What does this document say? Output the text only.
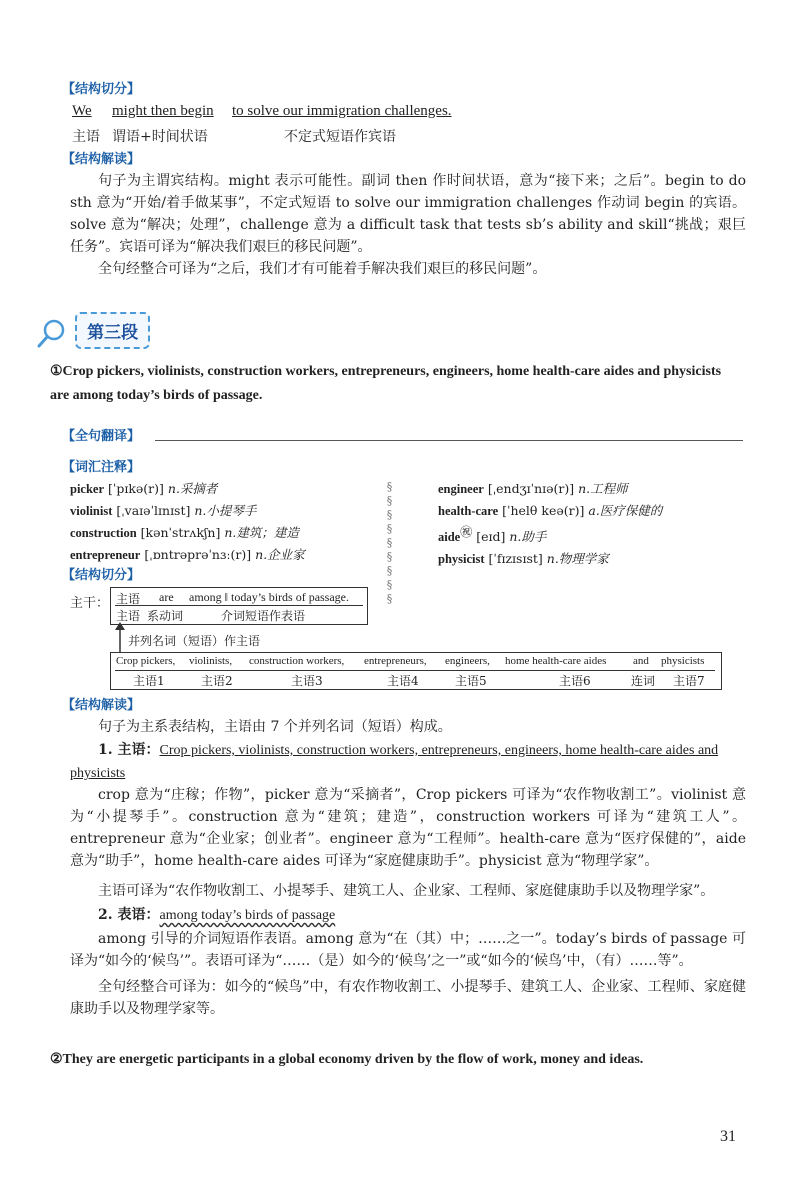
【结构切分】
We might then begin to solve our immigration challenges.
主语 谓语+时间状语	不定式短语作宾语
【结构解读】
句子为主谓宾结构。might 表示可能性。副词 then 作时间状语，意为“接下来；之后”。begin to do sth 意为“开始/着手做某事”，不定式短语 to solve our immigration challenges 作动词 begin 的宾语。solve 意为“解决；处理”，challenge 意为 a difficult task that tests sb’s ability and skill“挑战；艰巨任务”。宾语可译为“解决我们艰巨的移民问题”。
全句经整合可译为“之后，我们才有可能着手解决我们艰巨的移民问题”。
第三段
①Crop pickers, violinists, construction workers, entrepreneurs, engineers, home health-care aides and physicists are among today’s birds of passage.
【全句翻译】
【词汇注释】
picker [ˈpɪkə(r)] n.采摘者
violinist [ˌvaɪəˈlɪnɪst] n.小提琴手
construction [kənˈstrʌkʃn] n.建筑；建造
entrepreneur [ˌɒntrəprəˈnɜː(r)] n.企业家	§§§§§§§§§	engineer [ˌendʒɪˈnɪə(r)] n.工程师
health-care [ˈhelθ keə(r)] a.医疗保健的
aide㊗ [eɪd] n.助手
physicist [ˈfɪzɪsɪst] n.物理学家
【结构切分】
主干： 主语 are among ‖ today’s birds of passage.
主语 系动词	介词短语作表语
并列名词（短语）作主语
Crop pickers, violinists, construction workers, entrepreneurs, engineers, home health-care aides and physicists
主语1	主语2	主语3	主语4	主语5	主语6	连词 主语7
【结构解读】
句子为主系表结构，主语由 7 个并列名词（短语）构成。
1. 主语：Crop pickers, violinists, construction workers, entrepreneurs, engineers, home health-care aides and physicists
crop 意为“庄稼；作物”，picker 意为“采摘者”，Crop pickers 可译为“农作物收割工”。violinist 意为“小提琴手”。construction 意为“建筑；建造”，construction workers 可译为“建筑工人”。entrepreneur 意为“企业家；创业者”。engineer 意为“工程师”。health-care 意为“医疗保健的”，aide 意为“助手”，home health-care aides 可译为“家庭健康助手”。physicist 意为“物理学家”。
主语可译为“农作物收割工、小提琴手、建筑工人、企业家、工程师、家庭健康助手以及物理学家”。
2. 表语：among today’s birds of passage
among 引导的介词短语作表语。among 意为“在（其）中；……之一”。today’s birds of passage 可译为“如今的‘候鸟’”。表语可译为“……（是）如今的‘候鸟’之一”或“如今的‘候鸟’中，（有）……等”。
全句经整合可译为：如今的“候鸟”中，有农作物收割工、小提琴手、建筑工人、企业家、工程师、家庭健康助手以及物理学家等。
②They are energetic participants in a global economy driven by the flow of work, money and ideas.
31
